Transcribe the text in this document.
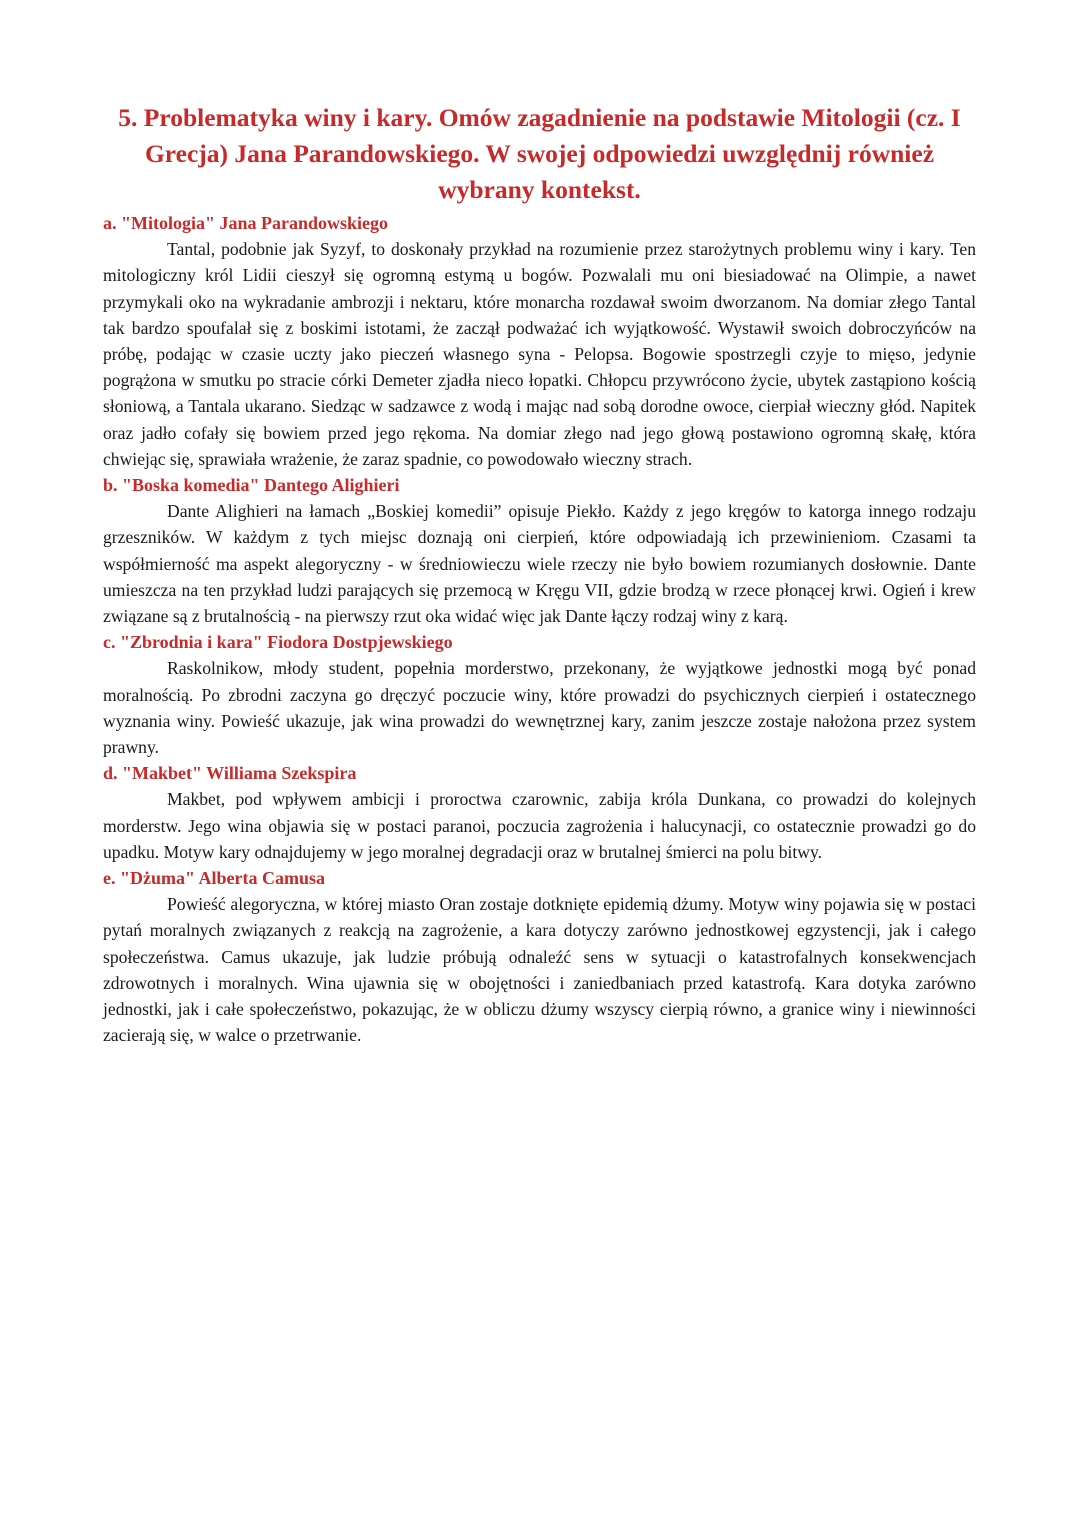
5. Problematyka winy i kary. Omów zagadnienie na podstawie Mitologii (cz. I Grecja) Jana Parandowskiego. W swojej odpowiedzi uwzględnij również wybrany kontekst.
a. "Mitologia" Jana Parandowskiego

Tantal, podobnie jak Syzyf, to doskonały przykład na rozumienie przez starożytnych problemu winy i kary. Ten mitologiczny król Lidii cieszył się ogromną estymą u bogów. Pozwalali mu oni biesiadować na Olimpie, a nawet przymykali oko na wykradanie ambrozji i nektaru, które monarcha rozdawał swoim dworzanom. Na domiar złego Tantal tak bardzo spoufalał się z boskimi istotami, że zaczął podważać ich wyjątkowość. Wystawił swoich dobroczyńców na próbę, podając w czasie uczty jako pieczeń własnego syna - Pelopsa. Bogowie spostrzegli czyje to mięso, jedynie pogrążona w smutku po stracie córki Demeter zjadła nieco łopatki. Chłopcu przywrócono życie, ubytek zastąpiono kością słoniową, a Tantala ukarano. Siedząc w sadzawce z wodą i mając nad sobą dorodne owoce, cierpiał wieczny głód. Napitek oraz jadło cofały się bowiem przed jego rękoma. Na domiar złego nad jego głową postawiono ogromną skałę, która chwiejąc się, sprawiała wrażenie, że zaraz spadnie, co powodowało wieczny strach.

b. "Boska komedia" Dantego Alighieri

Dante Alighieri na łamach „Boskiej komedii” opisuje Piekło. Każdy z jego kręgów to katorga innego rodzaju grzeszników. W każdym z tych miejsc doznają oni cierpień, które odpowiadają ich przewinieniom. Czasami ta współmierność ma aspekt alegoryczny - w średniowieczu wiele rzeczy nie było bowiem rozumianych dosłownie. Dante umieszcza na ten przykład ludzi parających się przemocą w Kręgu VII, gdzie brodzą w rzece płonącej krwi. Ogień i krew związane są z brutalnością - na pierwszy rzut oka widać więc jak Dante łączy rodzaj winy z karą.

c. "Zbrodnia i kara" Fiodora Dostpjewskiego

Raskolnikow, młody student, popełnia morderstwo, przekonany, że wyjątkowe jednostki mogą być ponad moralnością. Po zbrodni zaczyna go dręczyć poczucie winy, które prowadzi do psychicznych cierpień i ostatecznego wyznania winy. Powieść ukazuje, jak wina prowadzi do wewnętrznej kary, zanim jeszcze zostaje nałożona przez system prawny.

d. "Makbet" Williama Szekspira

Makbet, pod wpływem ambicji i proroctwa czarownic, zabija króla Dunkana, co prowadzi do kolejnych morderstw. Jego wina objawia się w postaci paranoi, poczucia zagrożenia i halucynacji, co ostatecznie prowadzi go do upadku. Motyw kary odnajdujemy w jego moralnej degradacji oraz w brutalnej śmierci na polu bitwy.

e. "Dżuma" Alberta Camusa

Powieść alegoryczna, w której miasto Oran zostaje dotknięte epidemią dżumy. Motyw winy pojawia się w postaci pytań moralnych związanych z reakcją na zagrożenie, a kara dotyczy zarówno jednostkowej egzystencji, jak i całego społeczeństwa. Camus ukazuje, jak ludzie próbują odnaleźć sens w sytuacji o katastrofalnych konsekwencjach zdrowotnych i moralnych. Wina ujawnia się w obojętności i zaniedbaniach przed katastrofą. Kara dotyka zarówno jednostki, jak i całe społeczeństwo, pokazując, że w obliczu dżumy wszyscy cierpią równo, a granice winy i niewinności zacierają się, w walce o przetrwanie.
